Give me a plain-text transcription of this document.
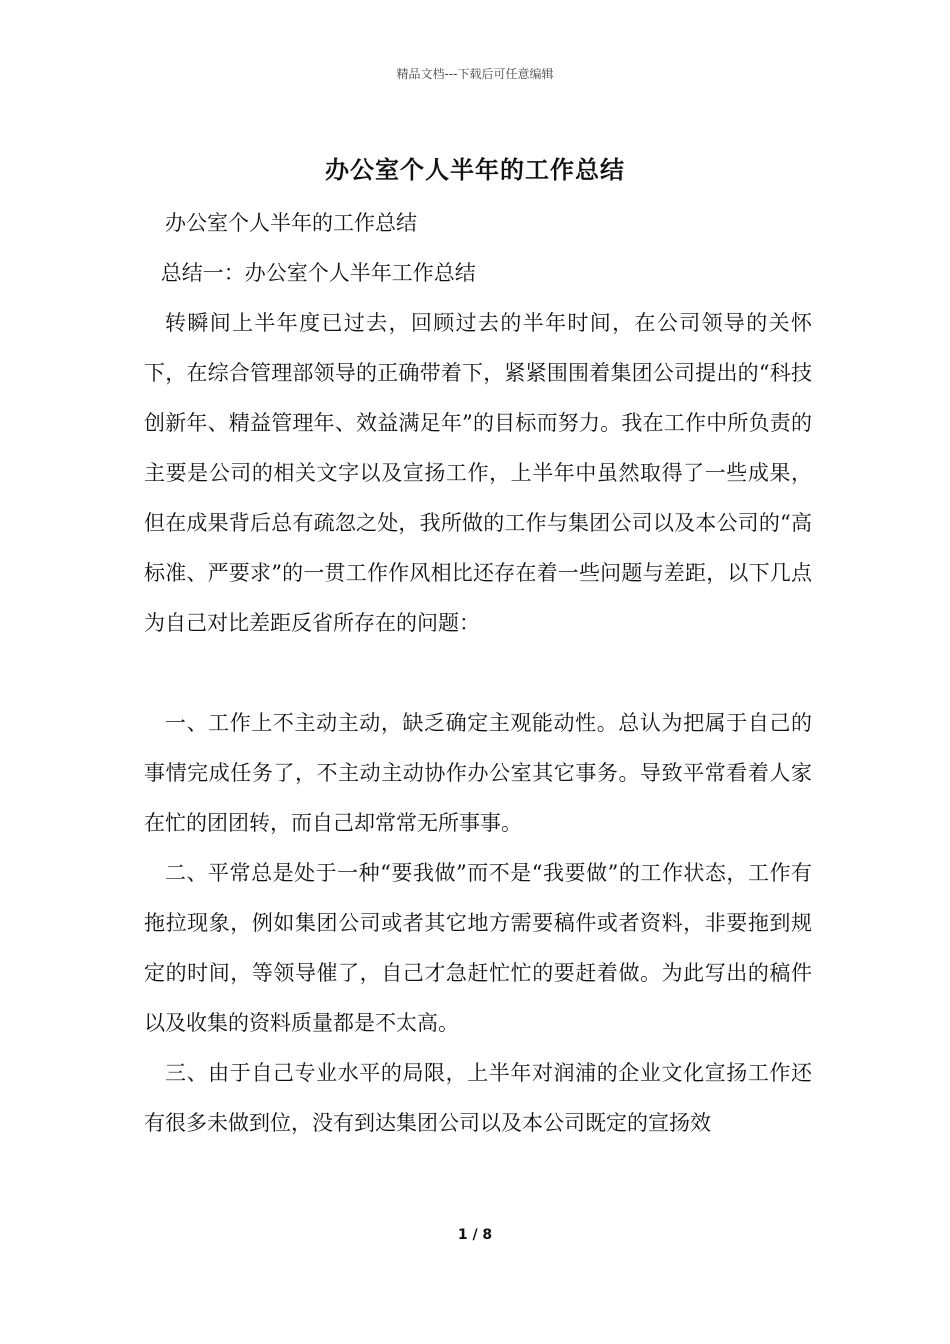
精品文档---下载后可任意编辑
办公室个人半年的工作总结
办公室个人半年的工作总结
总结一：办公室个人半年工作总结

转瞬间上半年度已过去，回顾过去的半年时间，在公司领导的关怀下，在综合管理部领导的正确带着下，紧紧围围着集团公司提出的“科技创新年、精益管理年、效益满足年”的目标而努力。我在工作中所负责的主要是公司的相关文字以及宣扬工作，上半年中虽然取得了一些成果，但在成果背后总有疏忽之处，我所做的工作与集团公司以及本公司的“高标准、严要求”的一贯工作作风相比还存在着一些问题与差距，以下几点为自己对比差距反省所存在的问题：

一、工作上不主动主动，缺乏确定主观能动性。总认为把属于自己的事情完成任务了，不主动主动协作办公室其它事务。导致平常看着人家在忙的团团转，而自己却常常无所事事。

二、平常总是处于一种“要我做”而不是“我要做”的工作状态，工作有拖拉现象，例如集团公司或者其它地方需要稿件或者资料，非要拖到规定的时间，等领导催了，自己才急赶忙忙的要赶着做。为此写出的稿件以及收集的资料质量都是不太高。

三、由于自己专业水平的局限，上半年对润浦的企业文化宣扬工作还有很多未做到位，没有到达集团公司以及本公司既定的宣扬效

1 / 8
